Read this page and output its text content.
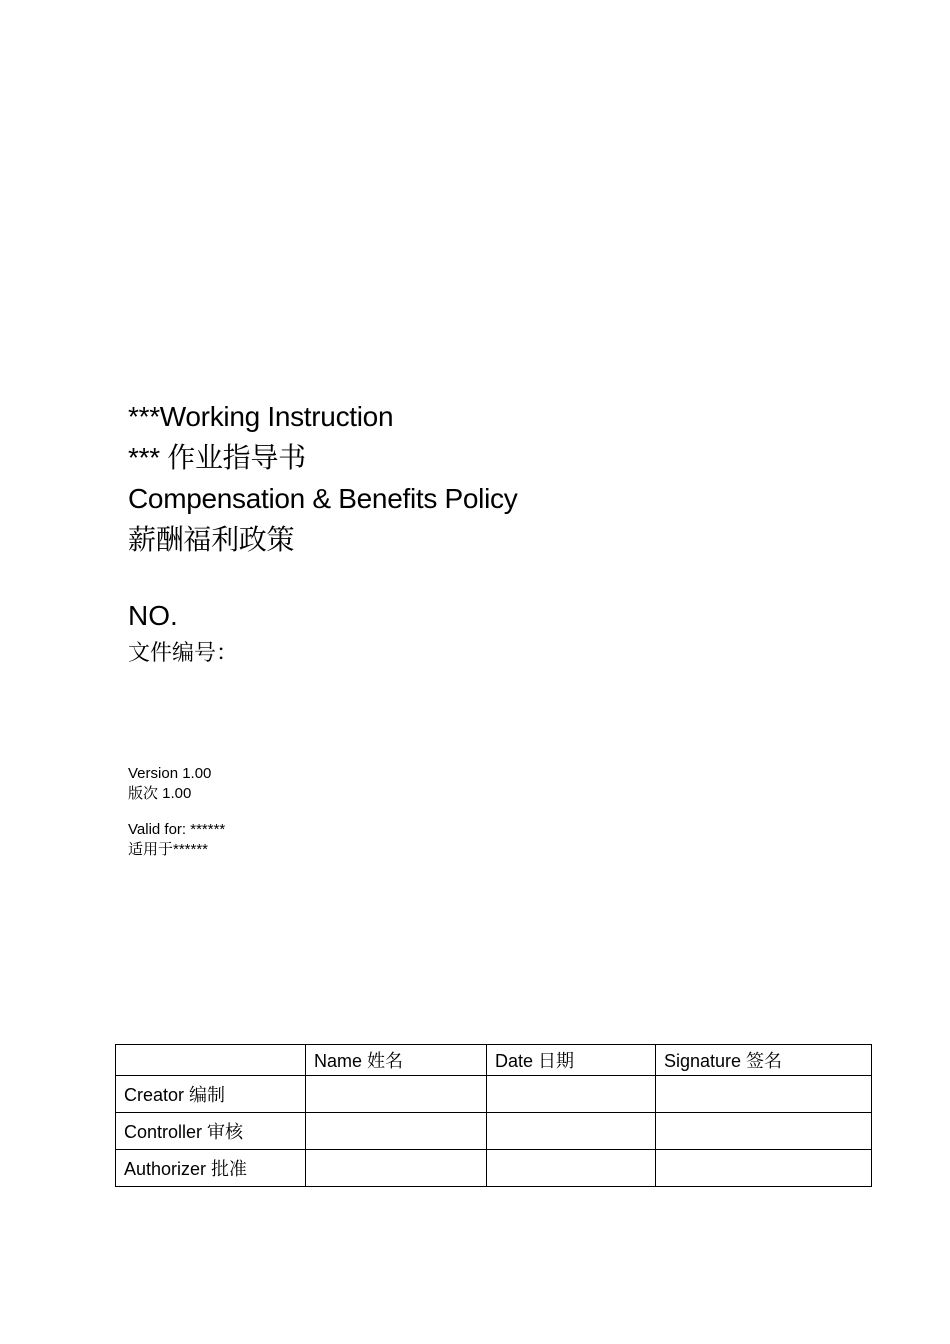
***Working Instruction
*** 作业指导书
Compensation & Benefits Policy
薪酬福利政策
NO.
文件编号：
Version 1.00
版次 1.00
Valid for: ******
适用于******
	Name 姓名	Date 日期	Signature 签名
Creator 编制			
Controller 审核			
Authorizer 批准			
